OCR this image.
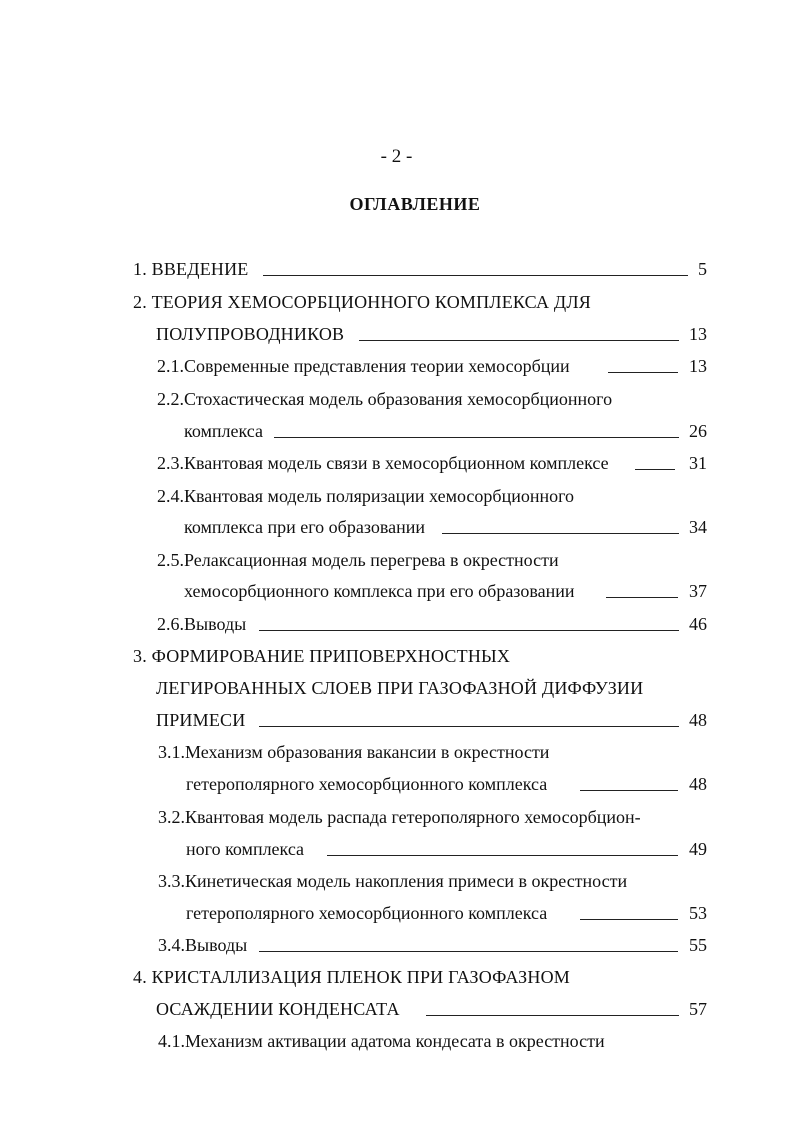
- 2 -
ОГЛАВЛЕНИЕ
1. ВВЕДЕНИЕ	5
2. ТЕОРИЯ ХЕМОСОРБЦИОННОГО КОМПЛЕКСА ДЛЯ
ПОЛУПРОВОДНИКОВ	13
2.1.Современные представления теории хемосорбции	13
2.2.Стохастическая модель образования хемосорбционного
комплекса	26
2.3.Квантовая модель связи в хемосорбционном комплексе	31
2.4.Квантовая модель поляризации хемосорбционного
комплекса при его образовании	34
2.5.Релаксационная модель перегрева в окрестности
хемосорбционного комплекса при его образовании	37
2.6.Выводы	46
3. ФОРМИРОВАНИЕ ПРИПОВЕРХНОСТНЫХ
ЛЕГИРОВАННЫХ СЛОЕВ ПРИ ГАЗОФАЗНОЙ ДИФФУЗИИ
ПРИМЕСИ	48
3.1.Механизм образования вакансии в окрестности
гетерополярного хемосорбционного комплекса	48
3.2.Квантовая модель распада гетерополярного хемосорбцион-
ного комплекса	49
3.3.Кинетическая модель накопления примеси в окрестности
гетерополярного хемосорбционного комплекса	53
3.4.Выводы	55
4. КРИСТАЛЛИЗАЦИЯ ПЛЕНОК ПРИ ГАЗОФАЗНОМ
ОСАЖДЕНИИ КОНДЕНСАТА	57
4.1.Механизм активации адатома кондесата в окрестности
